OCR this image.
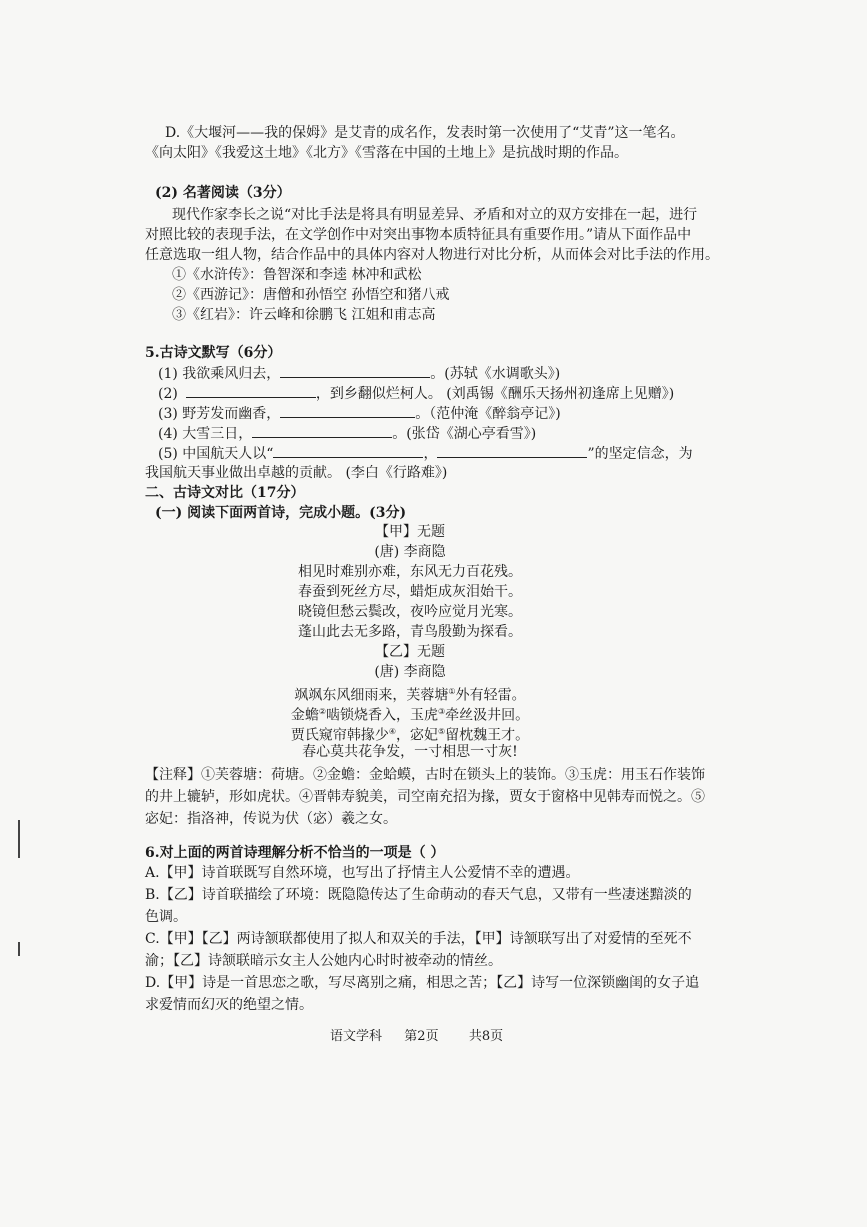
D.《大堰河——我的保姆》是艾青的成名作，发表时第一次使用了“艾青”这一笔名。
《向太阳》《我爱这土地》《北方》《雪落在中国的土地上》是抗战时期的作品。
(2) 名著阅读（3分）
现代作家李长之说“对比手法是将具有明显差异、矛盾和对立的双方安排在一起，进行
对照比较的表现手法，在文学创作中对突出事物本质特征具有重要作用。”请从下面作品中
任意选取一组人物，结合作品中的具体内容对人物进行对比分析，从而体会对比手法的作用。
①《水浒传》：鲁智深和李逵 林冲和武松
②《西游记》：唐僧和孙悟空 孙悟空和猪八戒
③《红岩》：许云峰和徐鹏飞 江姐和甫志高
5.古诗文默写（6分）
(1) 我欲乘风归去，	。(苏轼《水调歌头》)
(2)	，到乡翻似烂柯人。 (刘禹锡《酬乐天扬州初逢席上见赠》)
(3) 野芳发而幽香，	。（范仲淹《醉翁亭记》)
(4) 大雪三日，	。(张岱《湖心亭看雪》)
(5) 中国航天人以“	，	”的坚定信念，为
我国航天事业做出卓越的贡献。 (李白《行路难》)
二、古诗文对比（17分）
(一) 阅读下面两首诗，完成小题。(3分)
【甲】无题
(唐) 李商隐
相见时难别亦难，东风无力百花残。
春蚕到死丝方尽，蜡炬成灰泪始干。
晓镜但愁云鬓改，夜吟应觉月光寒。
蓬山此去无多路，青鸟殷勤为探看。
【乙】无题
(唐) 李商隐
飒飒东风细雨来，芙蓉塘①外有轻雷。
金蟾②啮锁烧香入，玉虎③牵丝汲井回。
贾氏窥帘韩掾少④，宓妃⑤留枕魏王才。
春心莫共花争发，一寸相思一寸灰!
【注释】①芙蓉塘：荷塘。②金蟾：金蛤蟆，古时在锁头上的装饰。③玉虎：用玉石作装饰
的井上辘轳，形如虎状。④晋韩寿貌美，司空南充招为掾，贾女于窗格中见韩寿而悦之。⑤
宓妃：指洛神，传说为伏（宓）羲之女。
6.对上面的两首诗理解分析不恰当的一项是（ ）
A.【甲】诗首联既写自然环境，也写出了抒情主人公爱情不幸的遭遇。
B.【乙】诗首联描绘了环境：既隐隐传达了生命萌动的春天气息，又带有一些凄迷黯淡的
色调。
C.【甲】【乙】两诗颔联都使用了拟人和双关的手法，【甲】诗颔联写出了对爱情的至死不
渝；【乙】诗颔联暗示女主人公她内心时时被牵动的情丝。
D.【甲】诗是一首思恋之歌，写尽离别之痛，相思之苦；【乙】诗写一位深锁幽闺的女子追
求爱情而幻灭的绝望之情。
语文学科 第2页 共8页
